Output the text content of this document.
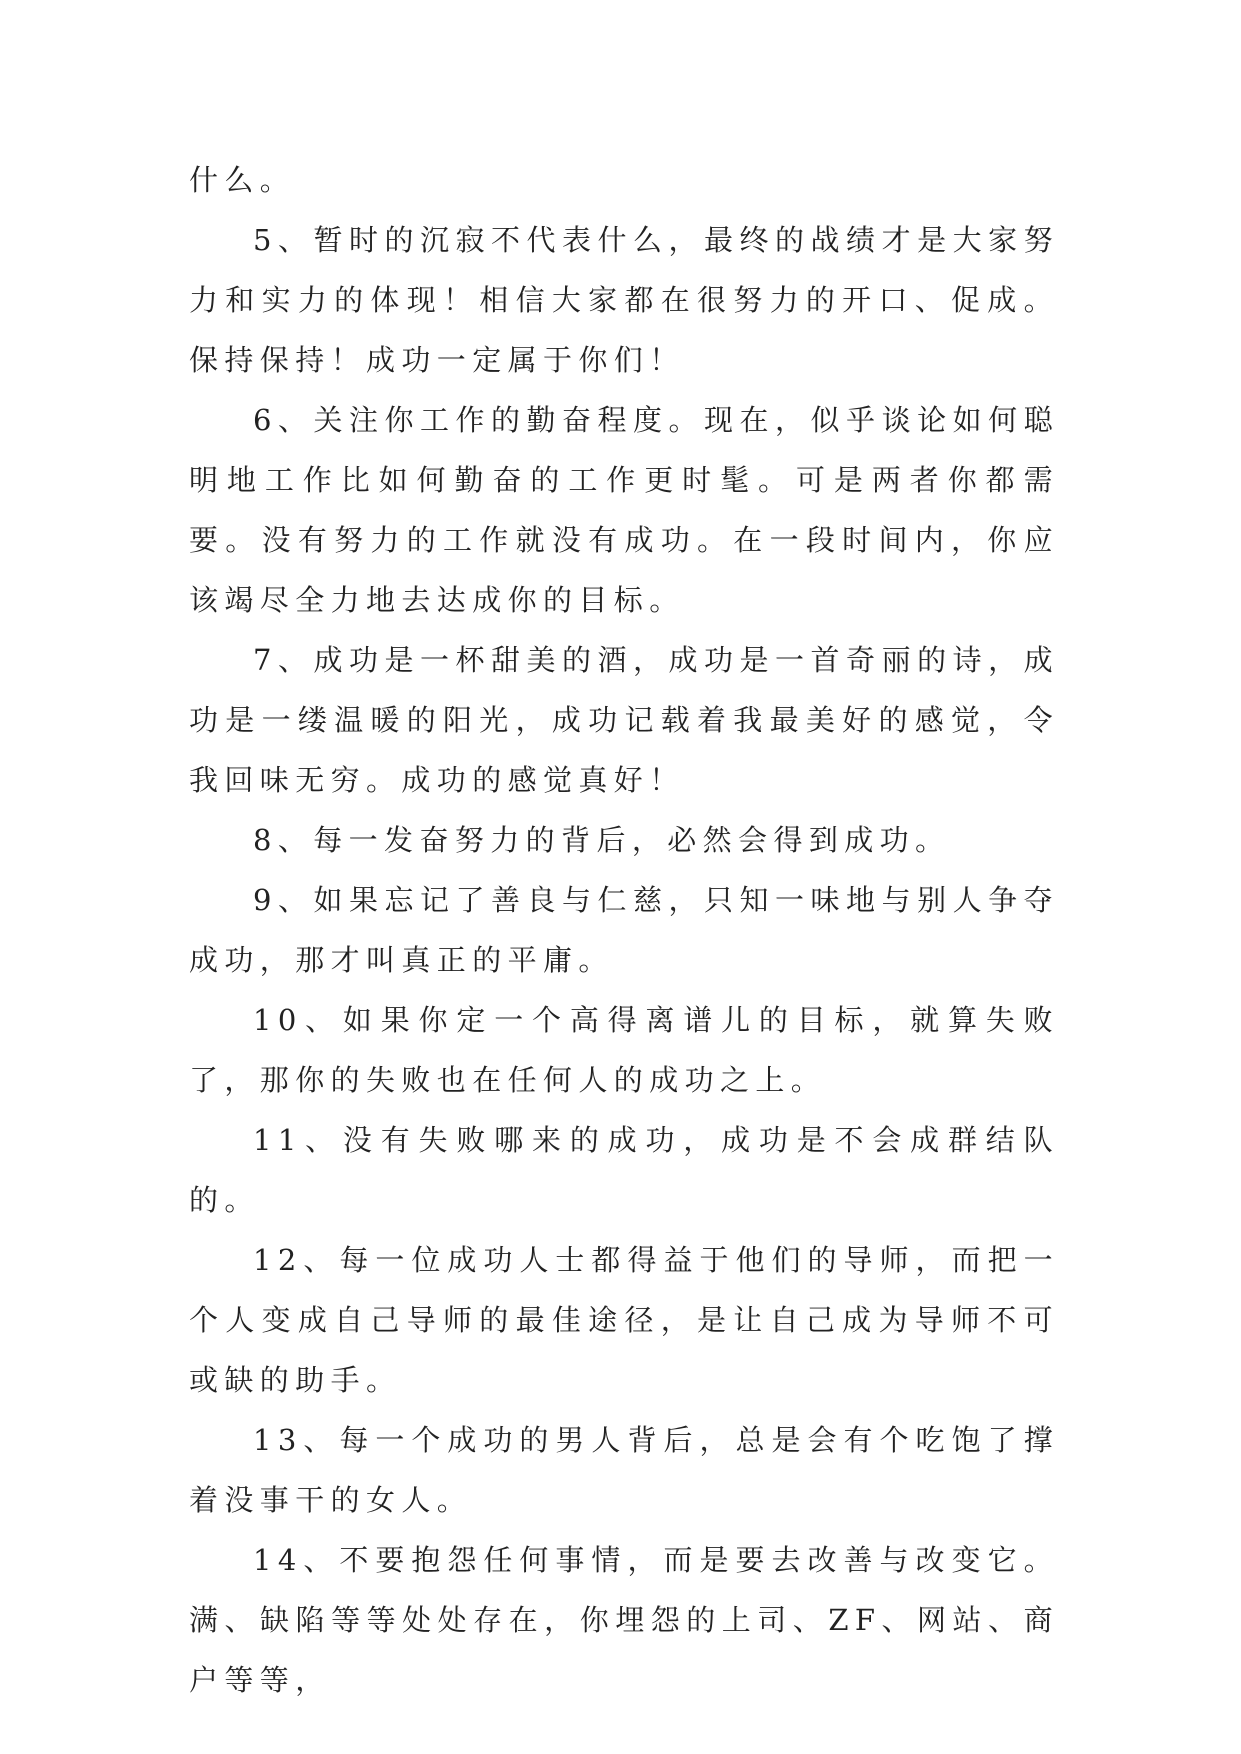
什么。

5、暂时的沉寂不代表什么，最终的战绩才是大家努力和实力的体现！相信大家都在很努力的开口、促成。保持保持！成功一定属于你们！

6、关注你工作的勤奋程度。现在，似乎谈论如何聪明地工作比如何勤奋的工作更时髦。可是两者你都需要。没有努力的工作就没有成功。在一段时间内，你应该竭尽全力地去达成你的目标。

7、成功是一杯甜美的酒，成功是一首奇丽的诗，成功是一缕温暖的阳光，成功记载着我最美好的感觉，令我回味无穷。成功的感觉真好！

8、每一发奋努力的背后，必然会得到成功。

9、如果忘记了善良与仁慈，只知一味地与别人争夺成功，那才叫真正的平庸。

10、如果你定一个高得离谱儿的目标，就算失败了，那你的失败也在任何人的成功之上。

11、没有失败哪来的成功，成功是不会成群结队的。

12、每一位成功人士都得益于他们的导师，而把一个人变成自己导师的最佳途径，是让自己成为导师不可或缺的助手。

13、每一个成功的男人背后，总是会有个吃饱了撑着没事干的女人。

14、不要抱怨任何事情，而是要去改善与改变它。满、缺陷等等处处存在，你埋怨的上司、ZF、网站、商户等等，
